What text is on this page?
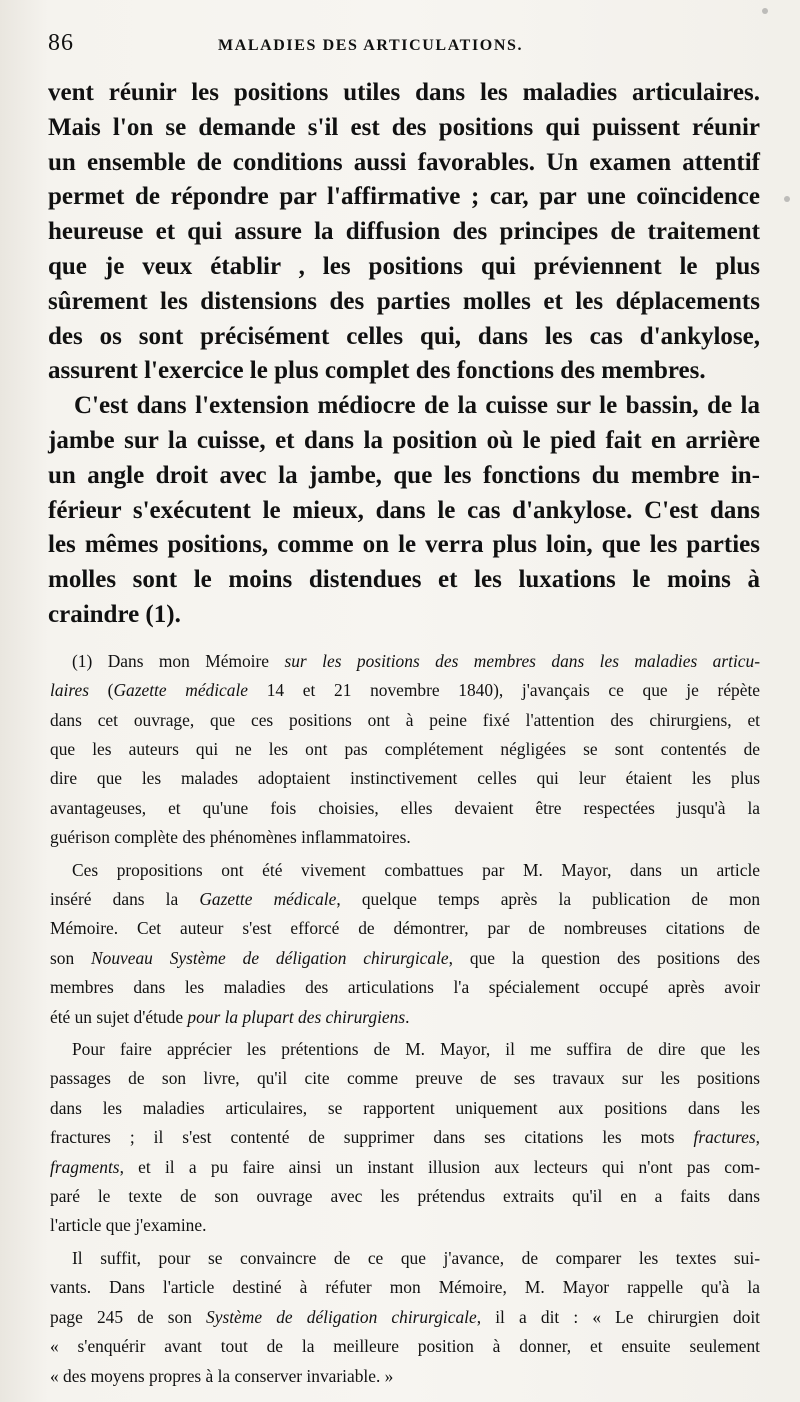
86	MALADIES DES ARTICULATIONS.
vent réunir les positions utiles dans les maladies articulaires.
Mais l'on se demande s'il est des positions qui puissent réunir
un ensemble de conditions aussi favorables. Un examen attentif
permet de répondre par l'affirmative ; car, par une coïncidence
heureuse et qui assure la diffusion des principes de traitement
que je veux établir , les positions qui préviennent le plus
sûrement les distensions des parties molles et les déplacements
des os sont précisément celles qui, dans les cas d'ankylose,
assurent l'exercice le plus complet des fonctions des membres.
C'est dans l'extension médiocre de la cuisse sur le bassin, de la
jambe sur la cuisse, et dans la position où le pied fait en arrière
un angle droit avec la jambe, que les fonctions du membre in-
férieur s'exécutent le mieux, dans le cas d'ankylose. C'est dans
les mêmes positions, comme on le verra plus loin, que les parties
molles sont le moins distendues et les luxations le moins à
craindre (1).
(1) Dans mon Mémoire sur les positions des membres dans les maladies articu-
laires (Gazette médicale 14 et 21 novembre 1840), j'avançais ce que je répète
dans cet ouvrage, que ces positions ont à peine fixé l'attention des chirurgiens, et
que les auteurs qui ne les ont pas complétement négligées se sont contentés de
dire que les malades adoptaient instinctivement celles qui leur étaient les plus
avantageuses, et qu'une fois choisies, elles devaient être respectées jusqu'à la
guérison complète des phénomènes inflammatoires.
Ces propositions ont été vivement combattues par M. Mayor, dans un article
inséré dans la Gazette médicale, quelque temps après la publication de mon
Mémoire. Cet auteur s'est efforcé de démontrer, par de nombreuses citations de
son Nouveau Système de déligation chirurgicale, que la question des positions des
membres dans les maladies des articulations l'a spécialement occupé après avoir
été un sujet d'étude pour la plupart des chirurgiens.
Pour faire apprécier les prétentions de M. Mayor, il me suffira de dire que les
passages de son livre, qu'il cite comme preuve de ses travaux sur les positions
dans les maladies articulaires, se rapportent uniquement aux positions dans les
fractures ; il s'est contenté de supprimer dans ses citations les mots fractures,
fragments, et il a pu faire ainsi un instant illusion aux lecteurs qui n'ont pas com-
paré le texte de son ouvrage avec les prétendus extraits qu'il en a faits dans
l'article que j'examine.
Il suffit, pour se convaincre de ce que j'avance, de comparer les textes sui-
vants. Dans l'article destiné à réfuter mon Mémoire, M. Mayor rappelle qu'à la
page 245 de son Système de déligation chirurgicale, il a dit : « Le chirurgien doit
« s'enquérir avant tout de la meilleure position à donner, et ensuite seulement
« des moyens propres à la conserver invariable. »
